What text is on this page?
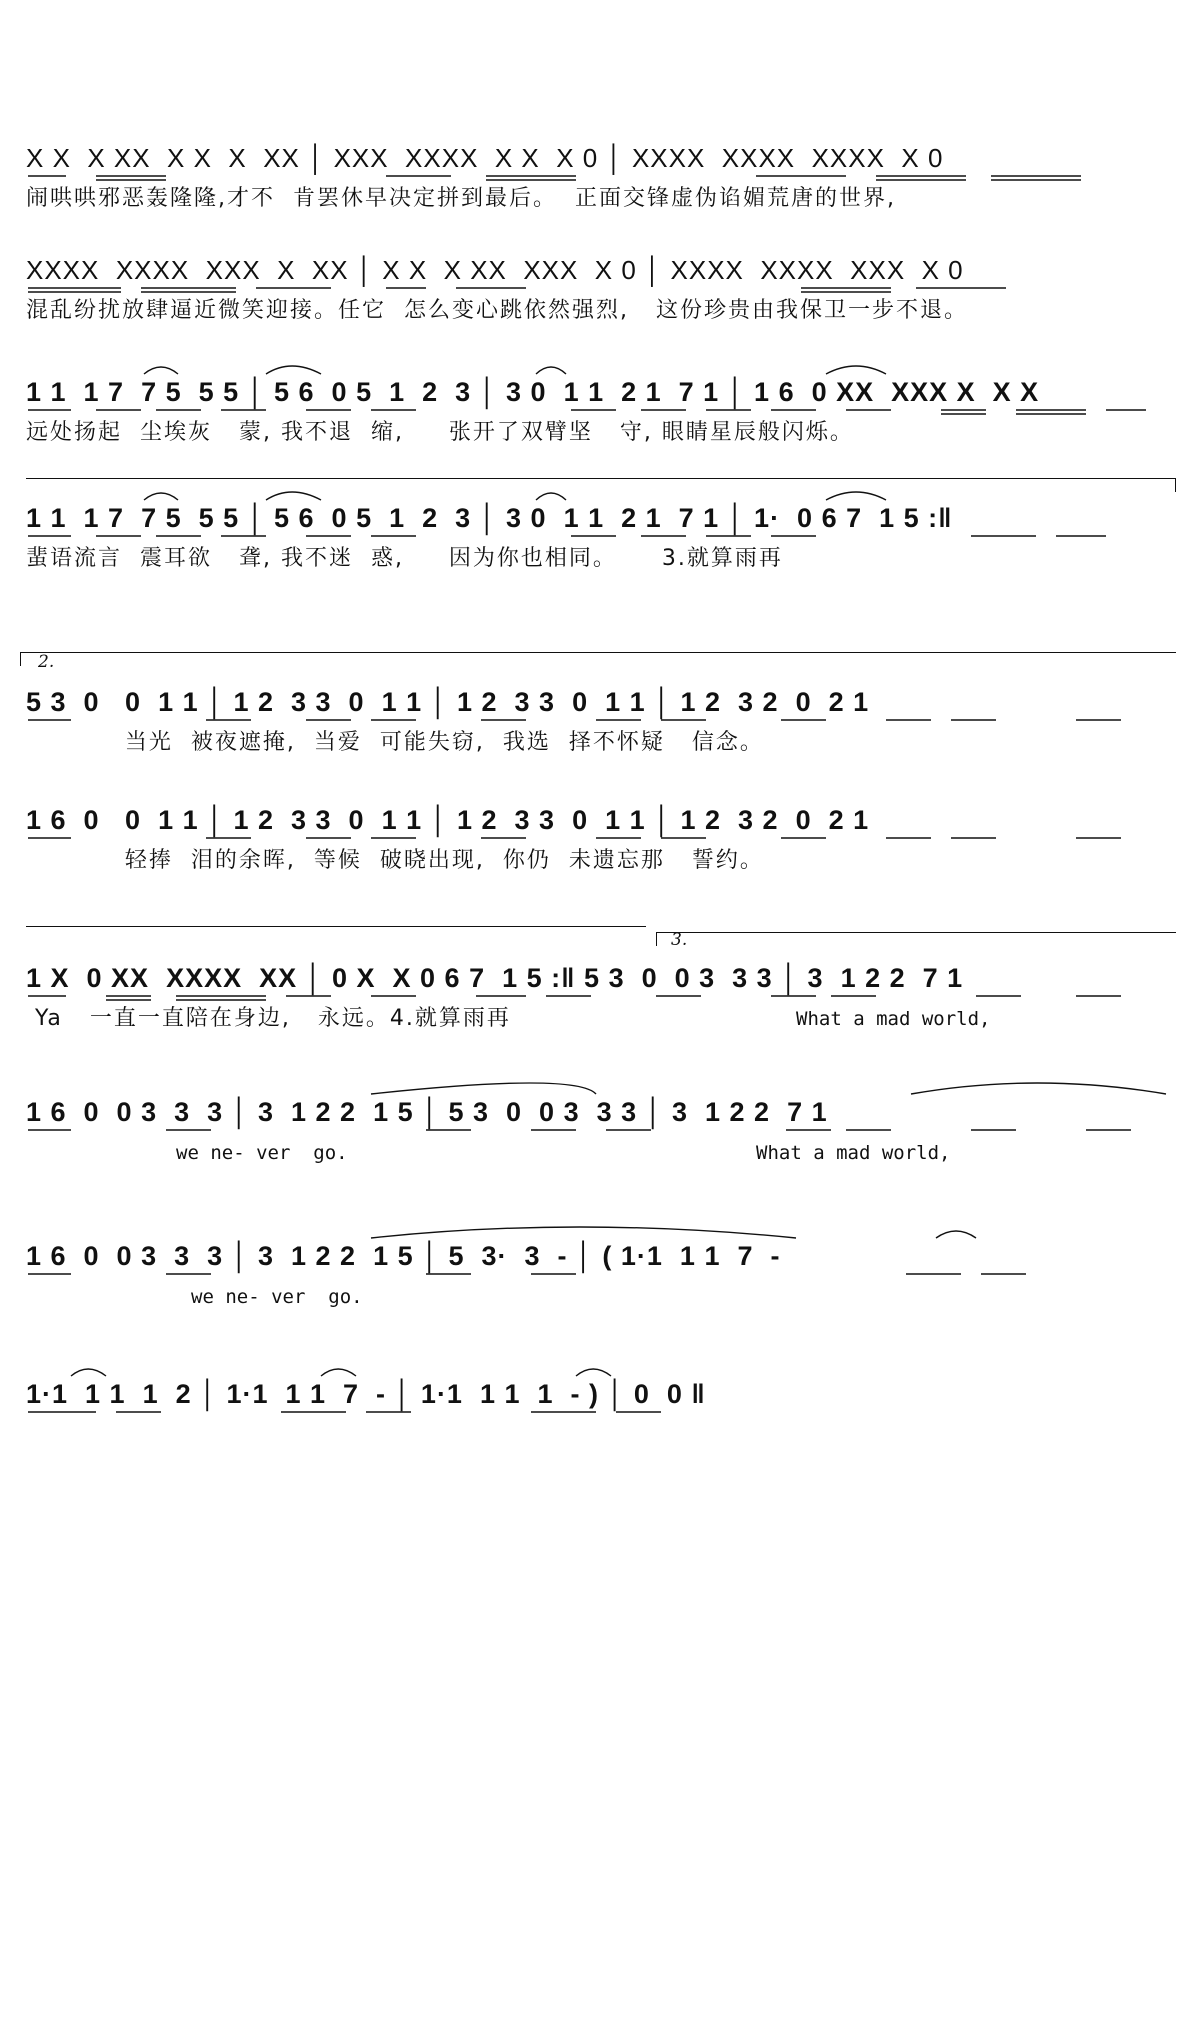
X X  X XX  X X  X  XX │ XXX  XXXX  X X  X 0 │ XXXX  XXXX  XXXX  X 0
闹哄哄邪恶轰隆隆,才不  肯罢休早决定拼到最后。  正面交锋虚伪谄媚荒唐的世界,
XXXX  XXXX  XXX  X  XX │ X X  X XX  XXX  X 0 │ XXXX  XXXX  XXX  X 0
混乱纷扰放肆逼近微笑迎接。任它  怎么变心跳依然强烈,   这份珍贵由我保卫一步不退。
1 1  1 7  7 5  5 5 │ 5 6  0 5  1  2  3 │ 3 0  1 1  2 1  7 1 │ 1 6  0 XX  XXX X  X X
远处扬起  尘埃灰   蒙, 我不退  缩,     张开了双臂坚   守, 眼睛星辰般闪烁。
1 1  1 7  7 5  5 5 │ 5 6  0 5  1  2  3 │ 3 0  1 1  2 1  7 1 │ 1·  0 6 7  1 5 :‖
蜚语流言  震耳欲   聋, 我不迷  惑,     因为你也相同。     3.就算雨再
2.
5 3  0   0  1 1 │ 1 2  3 3  0  1 1 │ 1 2  3 3  0  1 1 │ 1 2  3 2  0  2 1
当光  被夜遮掩,  当爱  可能失窃,  我选  择不怀疑   信念。
1 6  0   0  1 1 │ 1 2  3 3  0  1 1 │ 1 2  3 3  0  1 1 │ 1 2  3 2  0  2 1
轻捧  泪的余晖,  等候  破晓出现,  你仍  未遗忘那   誓约。
3.
1 X  0 XX  XXXX  XX │ 0 X  X 0 6 7  1 5 :‖ 5 3  0  0 3  3 3 │ 3  1 2 2  7 1
Ya   一直一直陪在身边,   永远。4.就算雨再	What a mad world,
1 6  0  0 3  3  3 │ 3  1 2 2  1 5 │ 5 3  0  0 3  3 3 │ 3  1 2 2  7 1
we ne- ver  go.	What a mad world,
1 6  0  0 3  3  3 │ 3  1 2 2  1 5 │ 5  3·  3  - │ ( 1·1  1 1  7  -
we ne- ver  go.
1·1  1 1  1  2 │ 1·1  1 1  7  - │ 1·1  1 1  1  - ) │ 0  0 ‖
